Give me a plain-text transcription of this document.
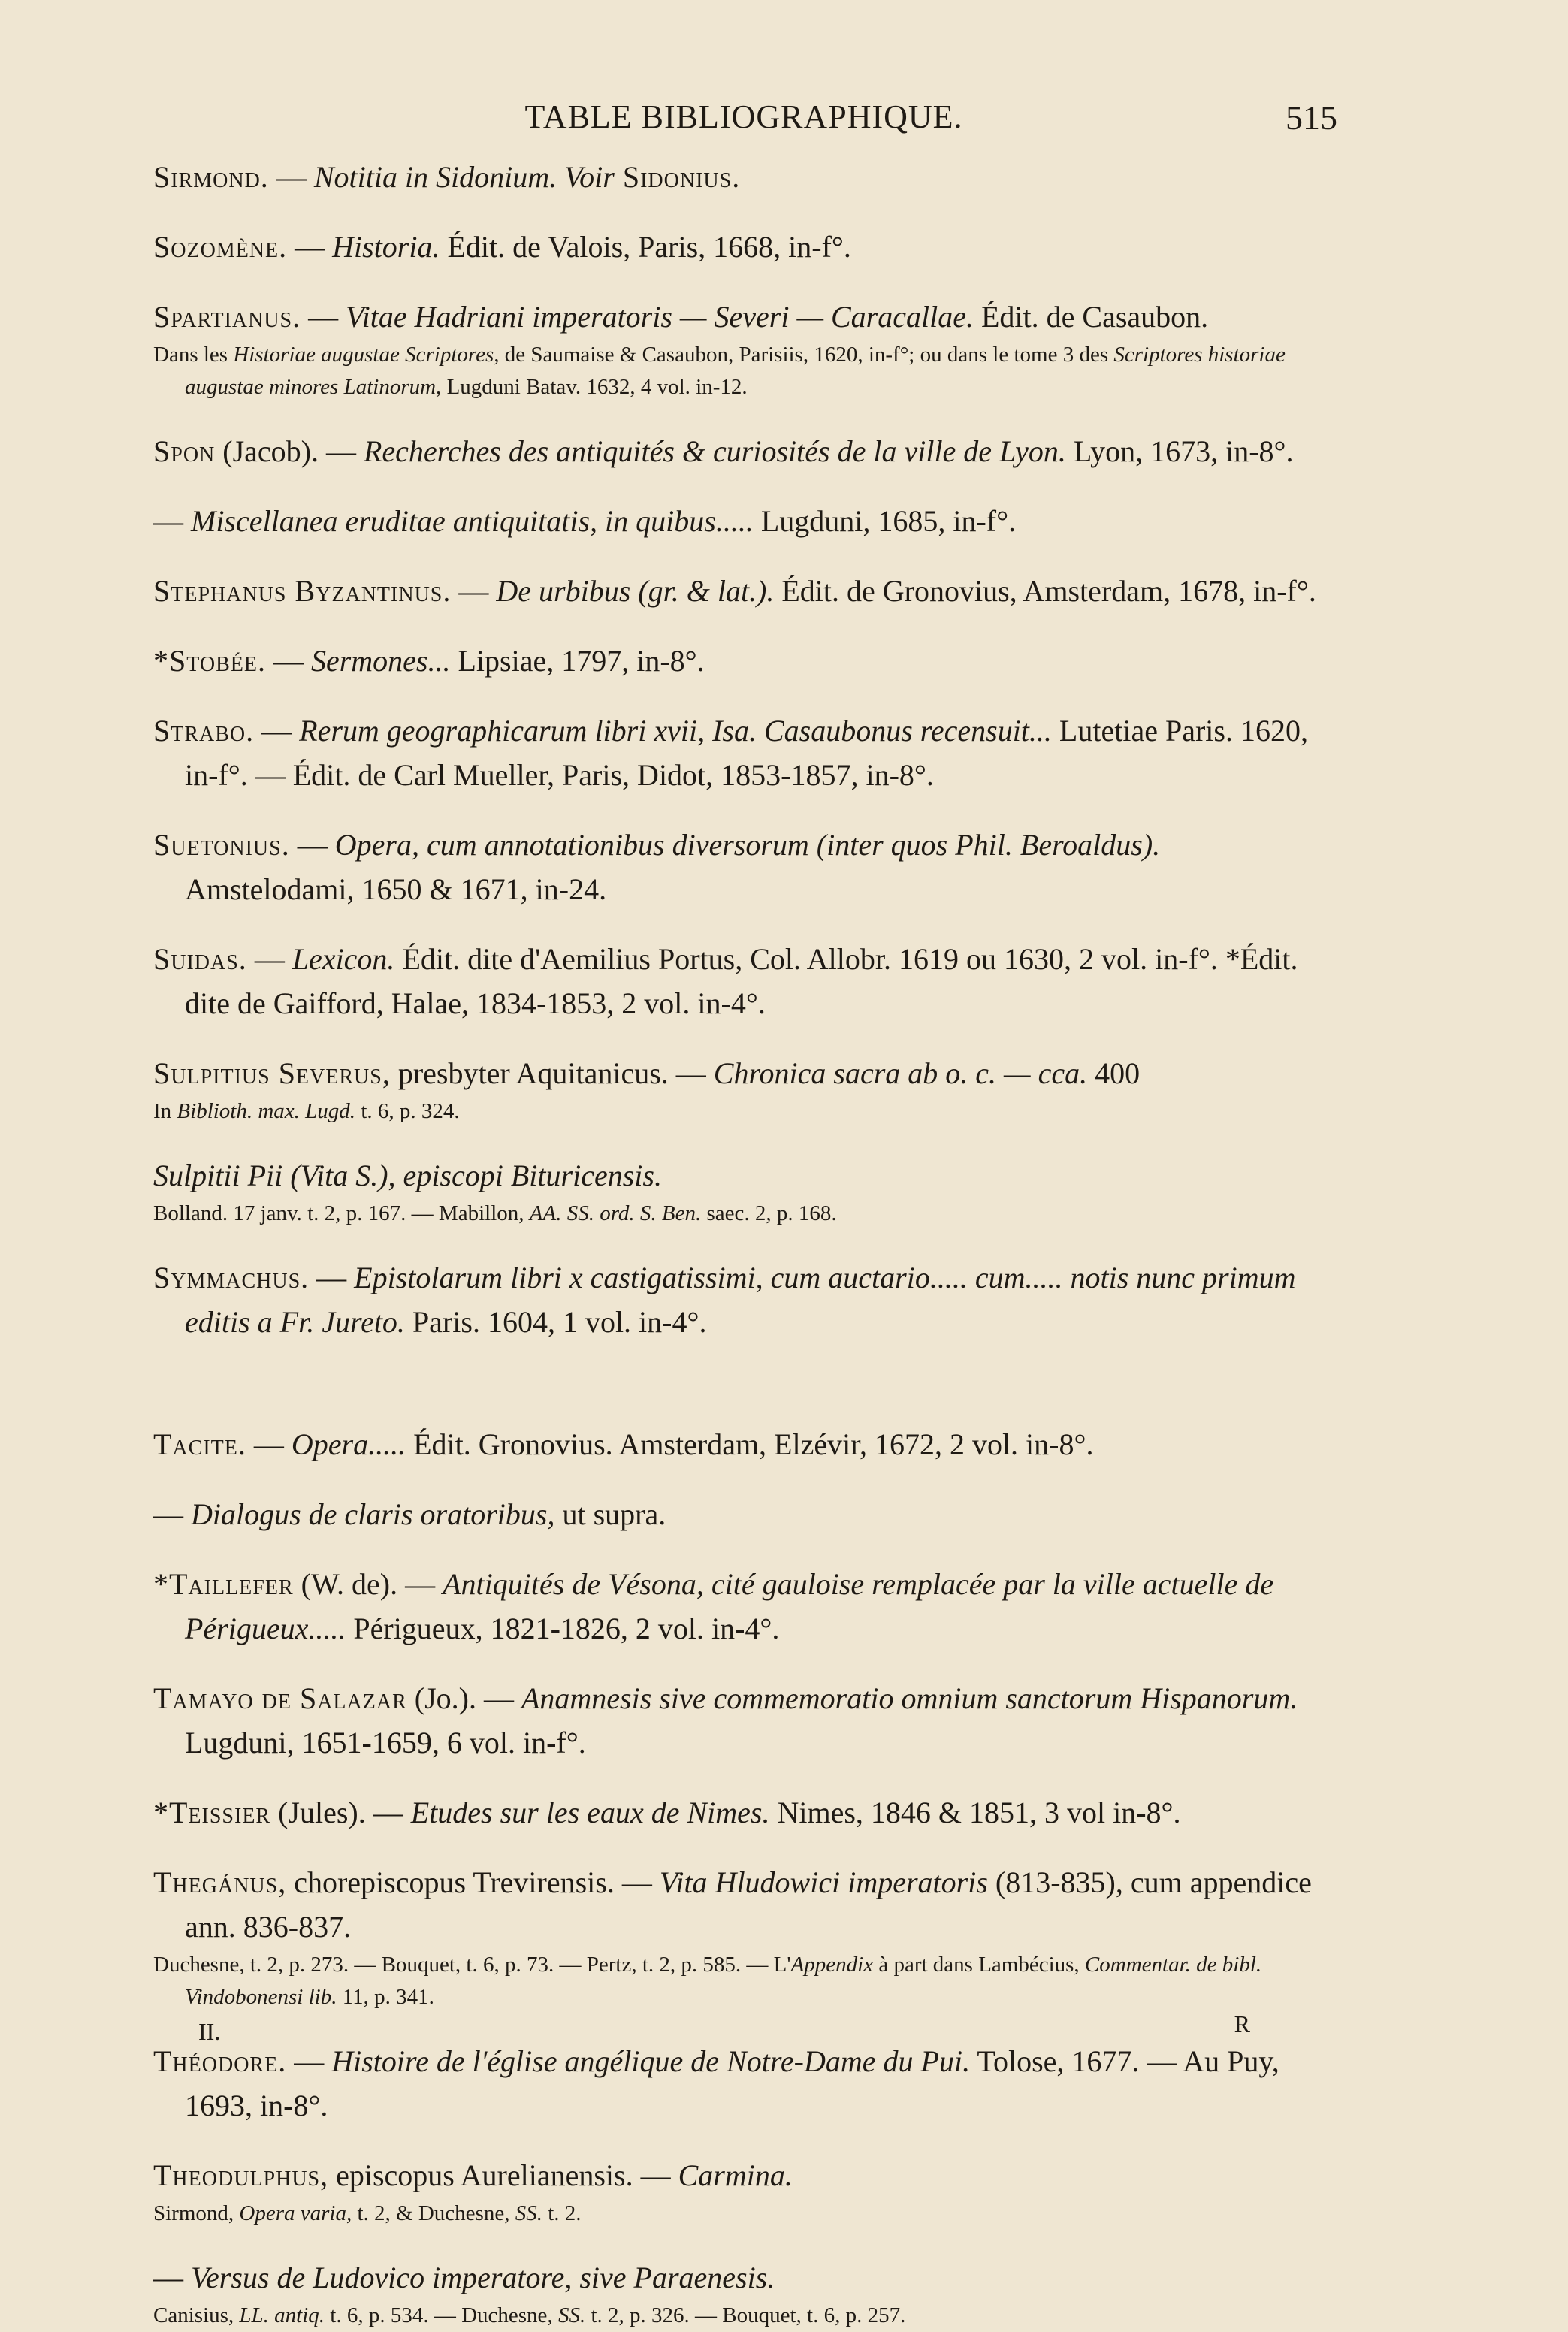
TABLE BIBLIOGRAPHIQUE.	515

Sirmond. — Notitia in Sidonium. Voir Sidonius.

Sozomène. — Historia. Édit. de Valois, Paris, 1668, in-f°.

Spartianus. — Vitae Hadriani imperatoris — Severi — Caracallae. Édit. de Casaubon.

Dans les Historiae augustae Scriptores, de Saumaise & Casaubon, Parisiis, 1620, in-f°; ou dans le tome 3 des Scriptores historiae augustae minores Latinorum, Lugduni Batav. 1632, 4 vol. in-12.

Spon (Jacob). — Recherches des antiquités & curiosités de la ville de Lyon. Lyon, 1673, in-8°.

— Miscellanea eruditae antiquitatis, in quibus..... Lugduni, 1685, in-f°.

Stephanus Byzantinus. — De urbibus (gr. & lat.). Édit. de Gronovius, Amsterdam, 1678, in-f°.

*Stobée. — Sermones... Lipsiae, 1797, in-8°.

Strabo. — Rerum geographicarum libri xvii, Isa. Casaubonus recensuit... Lutetiae Paris. 1620, in-f°. — Édit. de Carl Mueller, Paris, Didot, 1853-1857, in-8°.

Suetonius. — Opera, cum annotationibus diversorum (inter quos Phil. Beroaldus). Amstelodami, 1650 & 1671, in-24.

Suidas. — Lexicon. Édit. dite d'Aemilius Portus, Col. Allobr. 1619 ou 1630, 2 vol. in-f°. *Édit. dite de Gaifford, Halae, 1834-1853, 2 vol. in-4°.

Sulpitius Severus, presbyter Aquitanicus. — Chronica sacra ab o. c. — cca. 400

In Biblioth. max. Lugd. t. 6, p. 324.

Sulpitii Pii (Vita S.), episcopi Bituricensis.

Bolland. 17 janv. t. 2, p. 167. — Mabillon, AA. SS. ord. S. Ben. saec. 2, p. 168.

Symmachus. — Epistolarum libri x castigatissimi, cum auctario..... cum..... notis nunc primum editis a Fr. Jureto. Paris. 1604, 1 vol. in-4°.

Tacite. — Opera..... Édit. Gronovius. Amsterdam, Elzévir, 1672, 2 vol. in-8°.

— Dialogus de claris oratoribus, ut supra.

*Taillefer (W. de). — Antiquités de Vésona, cité gauloise remplacée par la ville actuelle de Périgueux..... Périgueux, 1821-1826, 2 vol. in-4°.

Tamayo de Salazar (Jo.). — Anamnesis sive commemoratio omnium sanctorum Hispanorum. Lugduni, 1651-1659, 6 vol. in-f°.

*Teissier (Jules). — Etudes sur les eaux de Nimes. Nimes, 1846 & 1851, 3 vol in-8°.

Thegánus, chorepiscopus Trevirensis. — Vita Hludowici imperatoris (813-835), cum appendice ann. 836-837.

Duchesne, t. 2, p. 273. — Bouquet, t. 6, p. 73. — Pertz, t. 2, p. 585. — L'Appendix à part dans Lambécius, Commentar. de bibl. Vindobonensi lib. 11, p. 341.

Théodore. — Histoire de l'église angélique de Notre-Dame du Pui. Tolose, 1677. — Au Puy, 1693, in-8°.

Theodulphus, episcopus Aurelianensis. — Carmina.

Sirmond, Opera varia, t. 2, & Duchesne, SS. t. 2.

— Versus de Ludovico imperatore, sive Paraenesis.

Canisius, LL. antiq. t. 6, p. 534. — Duchesne, SS. t. 2, p. 326. — Bouquet, t. 6, p. 257.

II.	R
